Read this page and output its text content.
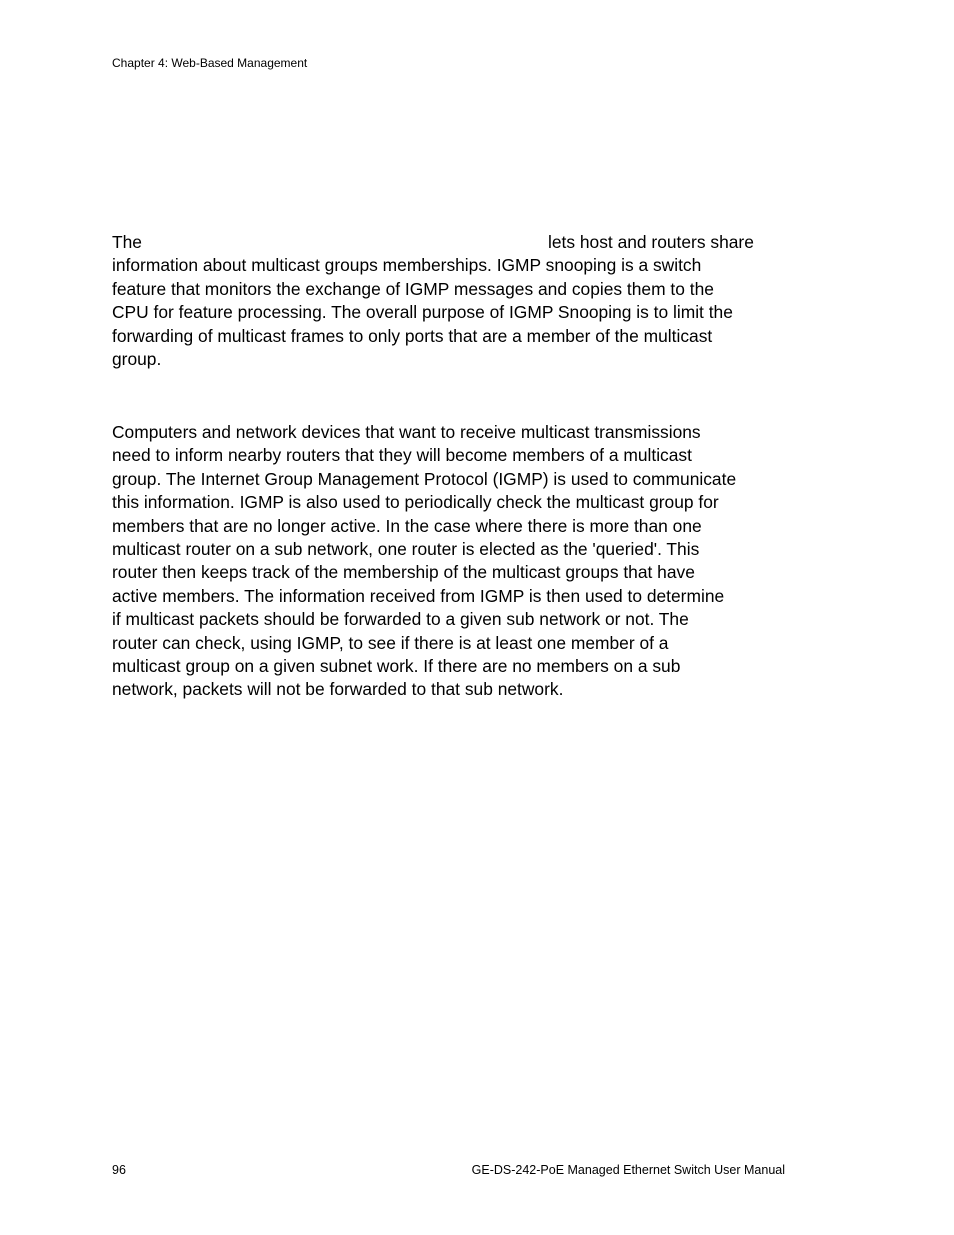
Chapter 4: Web-Based Management

The	lets host and routers share
information about multicast groups memberships. IGMP snooping is a switch
feature that monitors the exchange of IGMP messages and copies them to the
CPU for feature processing. The overall purpose of IGMP Snooping is to limit the
forwarding of multicast frames to only ports that are a member of the multicast
group.

Computers and network devices that want to receive multicast transmissions
need to inform nearby routers that they will become members of a multicast
group. The Internet Group Management Protocol (IGMP) is used to communicate
this information. IGMP is also used to periodically check the multicast group for
members that are no longer active. In the case where there is more than one
multicast router on a sub network, one router is elected as the 'queried'. This
router then keeps track of the membership of the multicast groups that have
active members. The information received from IGMP is then used to determine
if multicast packets should be forwarded to a given sub network or not. The
router can check, using IGMP, to see if there is at least one member of a
multicast group on a given subnet work. If there are no members on a sub
network, packets will not be forwarded to that sub network.

96	GE-DS-242-PoE Managed Ethernet Switch User Manual
